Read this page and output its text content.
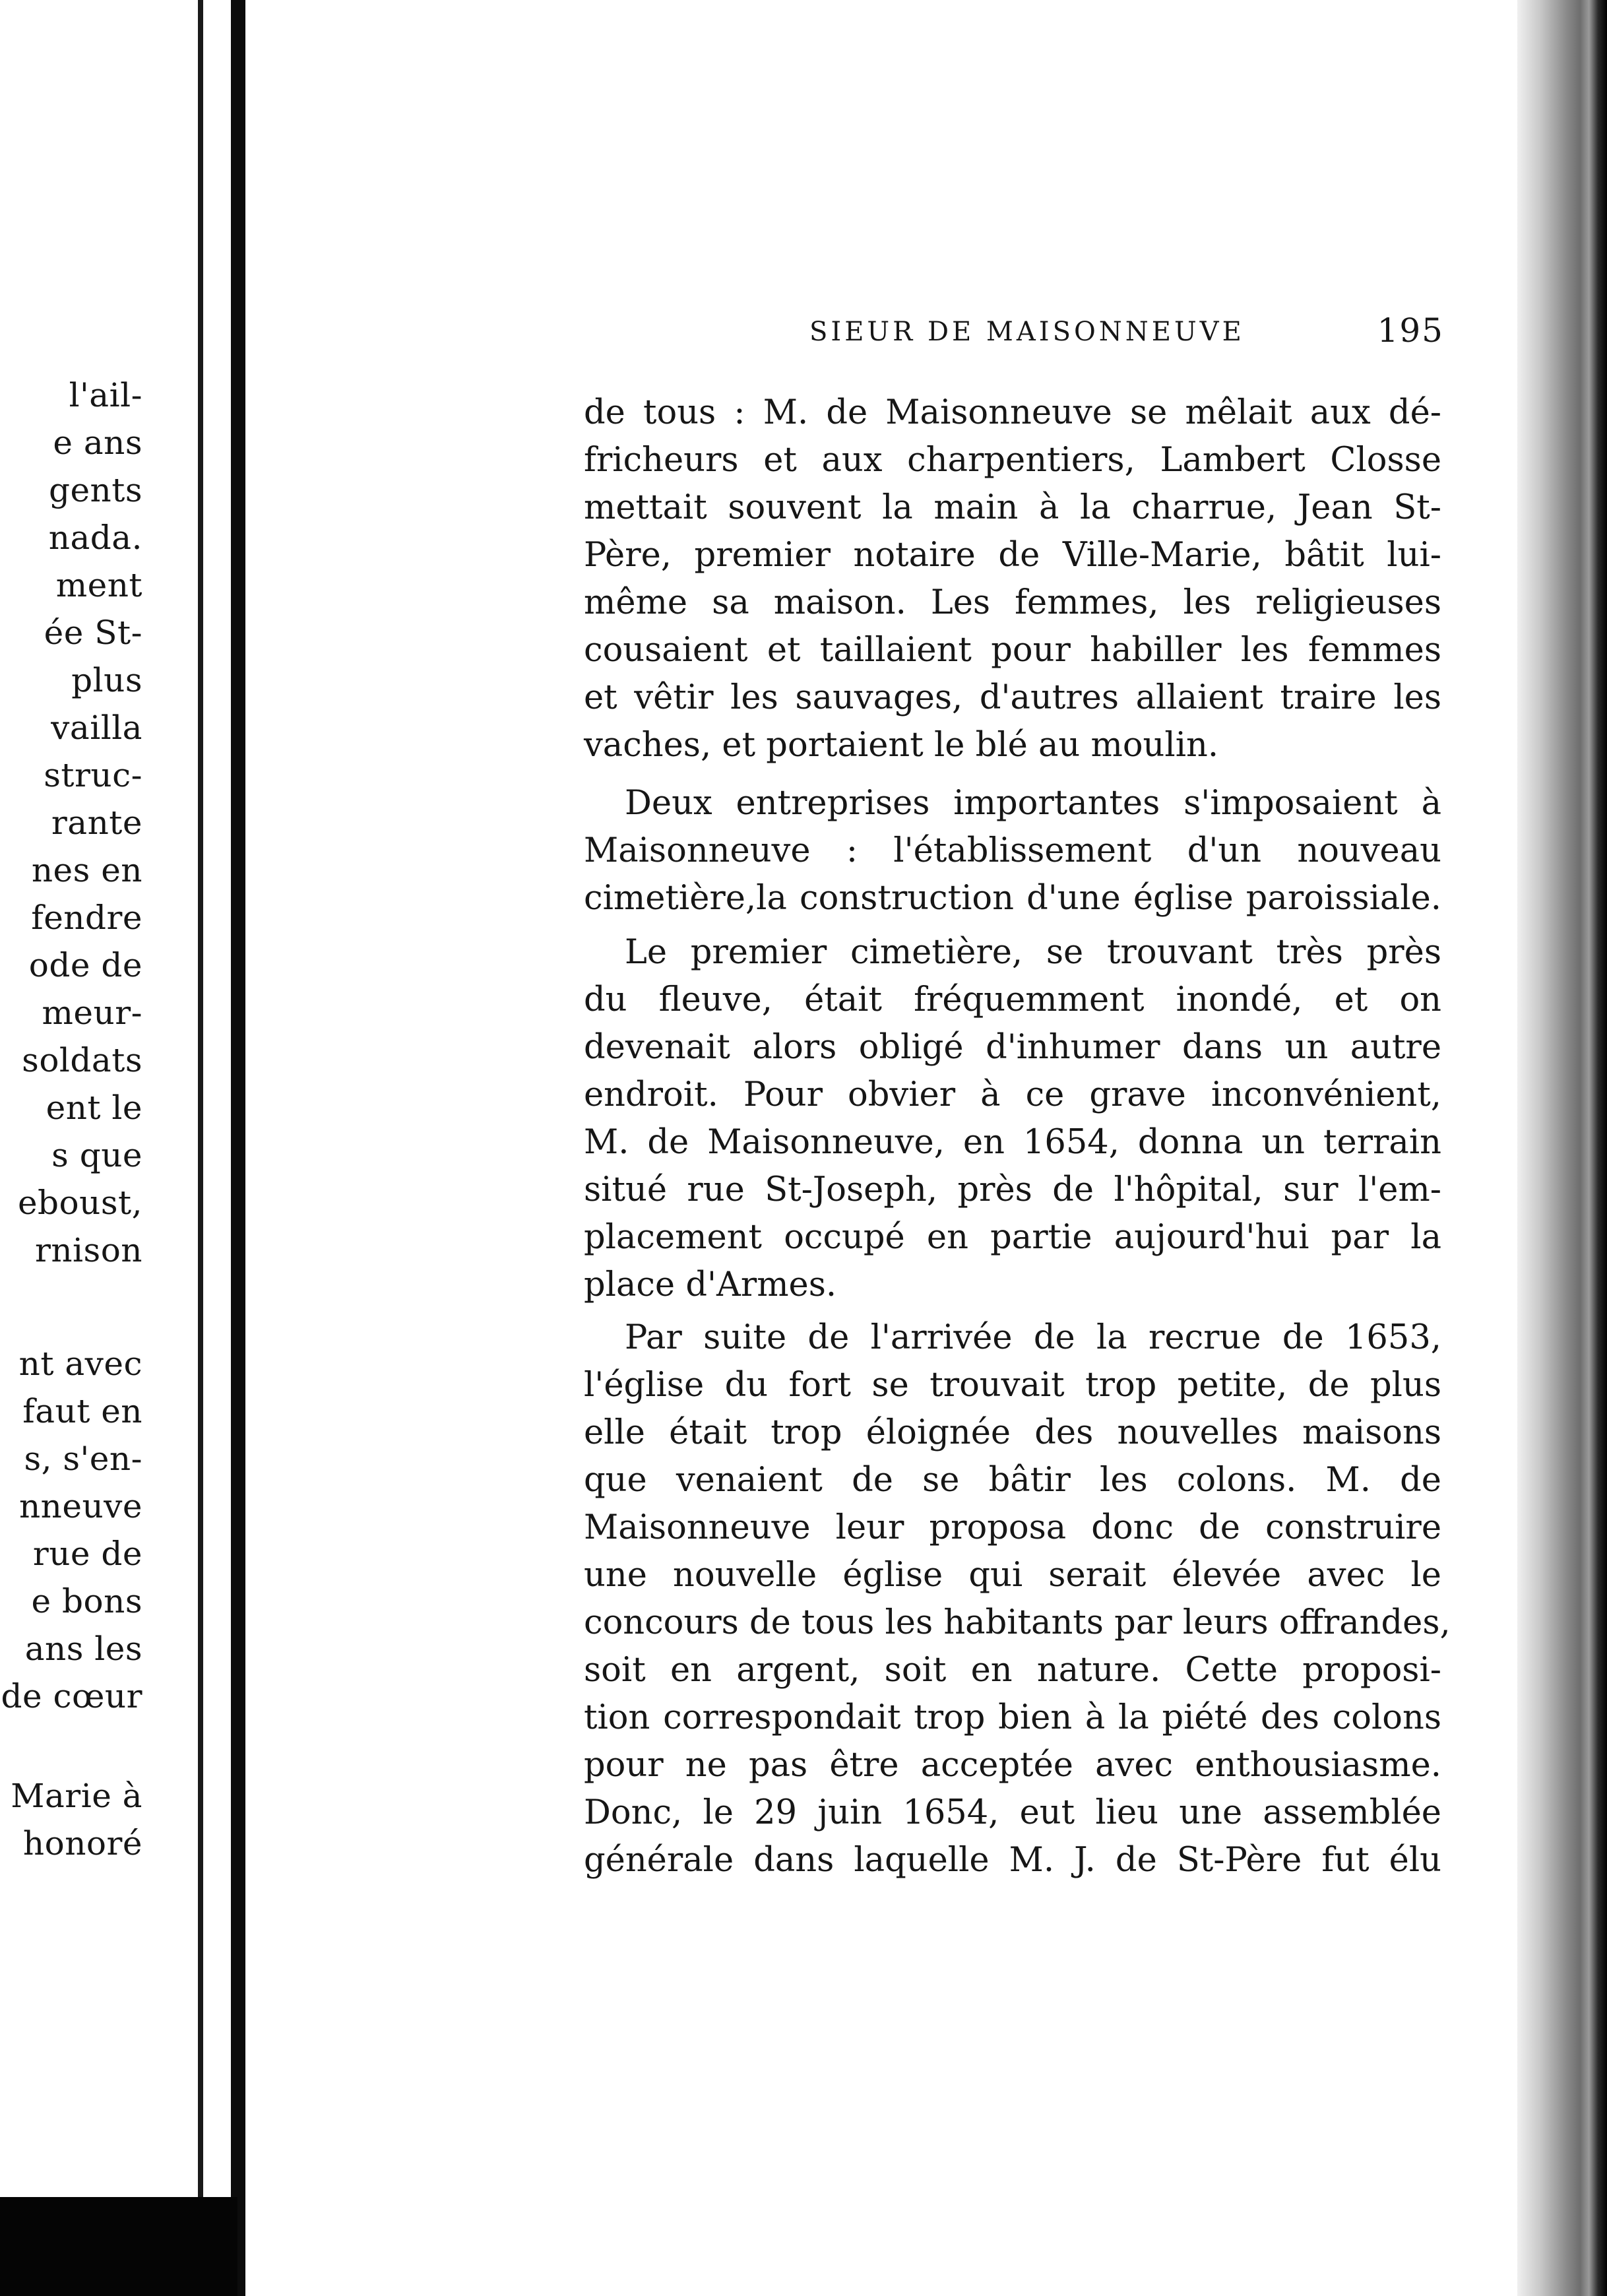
l'ail-
e ans
gents
nada.
ment
ée St-
plus
vailla
struc-
rante
nes en
fendre
ode de
meur-
soldats
ent le
s que
eboust,
rnison
nt avec
faut en
s, s'en-
nneuve
rue de
e bons
ans les
de cœur
Marie à
honoré
SIEUR DE MAISONNEUVE	195
de tous : M. de Maisonneuve se mêlait aux dé-
fricheurs et aux charpentiers, Lambert Closse
mettait souvent la main à la charrue, Jean St-
Père, premier notaire de Ville-Marie, bâtit lui-
même sa maison. Les femmes, les religieuses
cousaient et taillaient pour habiller les femmes
et vêtir les sauvages, d'autres allaient traire les
vaches, et portaient le blé au moulin.
Deux entreprises importantes s'imposaient à
Maisonneuve : l'établissement d'un nouveau
cimetière,la construction d'une église paroissiale.
Le premier cimetière, se trouvant très près
du fleuve, était fréquemment inondé, et on
devenait alors obligé d'inhumer dans un autre
endroit. Pour obvier à ce grave inconvénient,
M. de Maisonneuve, en 1654, donna un terrain
situé rue St-Joseph, près de l'hôpital, sur l'em-
placement occupé en partie aujourd'hui par la
place d'Armes.
Par suite de l'arrivée de la recrue de 1653,
l'église du fort se trouvait trop petite, de plus
elle était trop éloignée des nouvelles maisons
que venaient de se bâtir les colons. M. de
Maisonneuve leur proposa donc de construire
une nouvelle église qui serait élevée avec le
concours de tous les habitants par leurs offrandes,
soit en argent, soit en nature. Cette proposi-
tion correspondait trop bien à la piété des colons
pour ne pas être acceptée avec enthousiasme.
Donc, le 29 juin 1654, eut lieu une assemblée
générale dans laquelle M. J. de St-Père fut élu
